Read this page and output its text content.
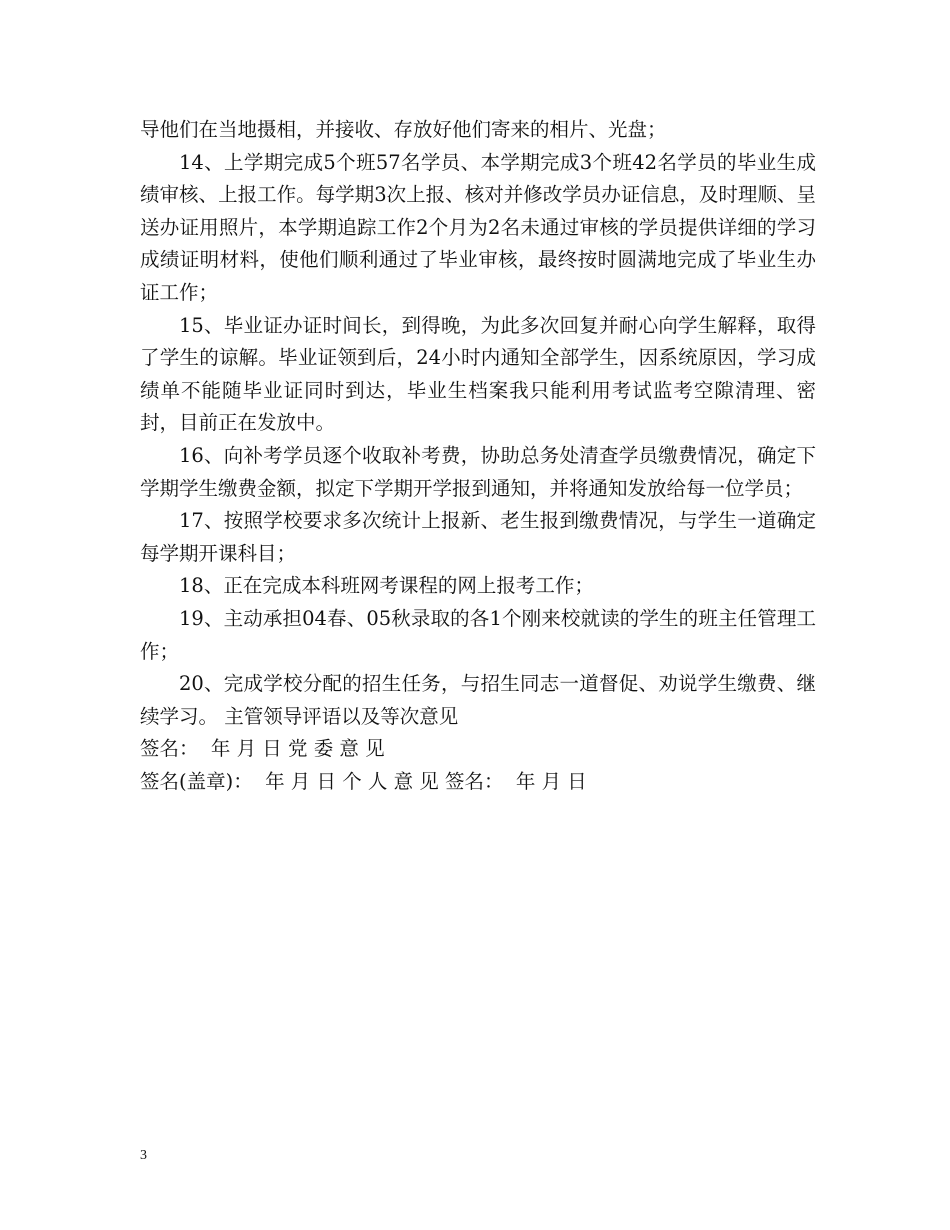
导他们在当地摄相，并接收、存放好他们寄来的相片、光盘；

14、上学期完成5个班57名学员、本学期完成3个班42名学员的毕业生成绩审核、上报工作。每学期3次上报、核对并修改学员办证信息，及时理顺、呈送办证用照片，本学期追踪工作2个月为2名未通过审核的学员提供详细的学习成绩证明材料，使他们顺利通过了毕业审核，最终按时圆满地完成了毕业生办证工作；

15、毕业证办证时间长，到得晚，为此多次回复并耐心向学生解释，取得了学生的谅解。毕业证领到后，24小时内通知全部学生，因系统原因，学习成绩单不能随毕业证同时到达，毕业生档案我只能利用考试监考空隙清理、密封，目前正在发放中。

16、向补考学员逐个收取补考费，协助总务处清查学员缴费情况，确定下学期学生缴费金额，拟定下学期开学报到通知，并将通知发放给每一位学员；

17、按照学校要求多次统计上报新、老生报到缴费情况，与学生一道确定每学期开课科目；

18、正在完成本科班网考课程的网上报考工作；

19、主动承担04春、05秋录取的各1个刚来校就读的学生的班主任管理工作；

20、完成学校分配的招生任务，与招生同志一道督促、劝说学生缴费、继续学习。 主管领导评语以及等次意见

签名：  年 月 日 党 委 意 见

签名(盖章)：  年 月 日 个 人 意 见 签名：  年 月 日

3
